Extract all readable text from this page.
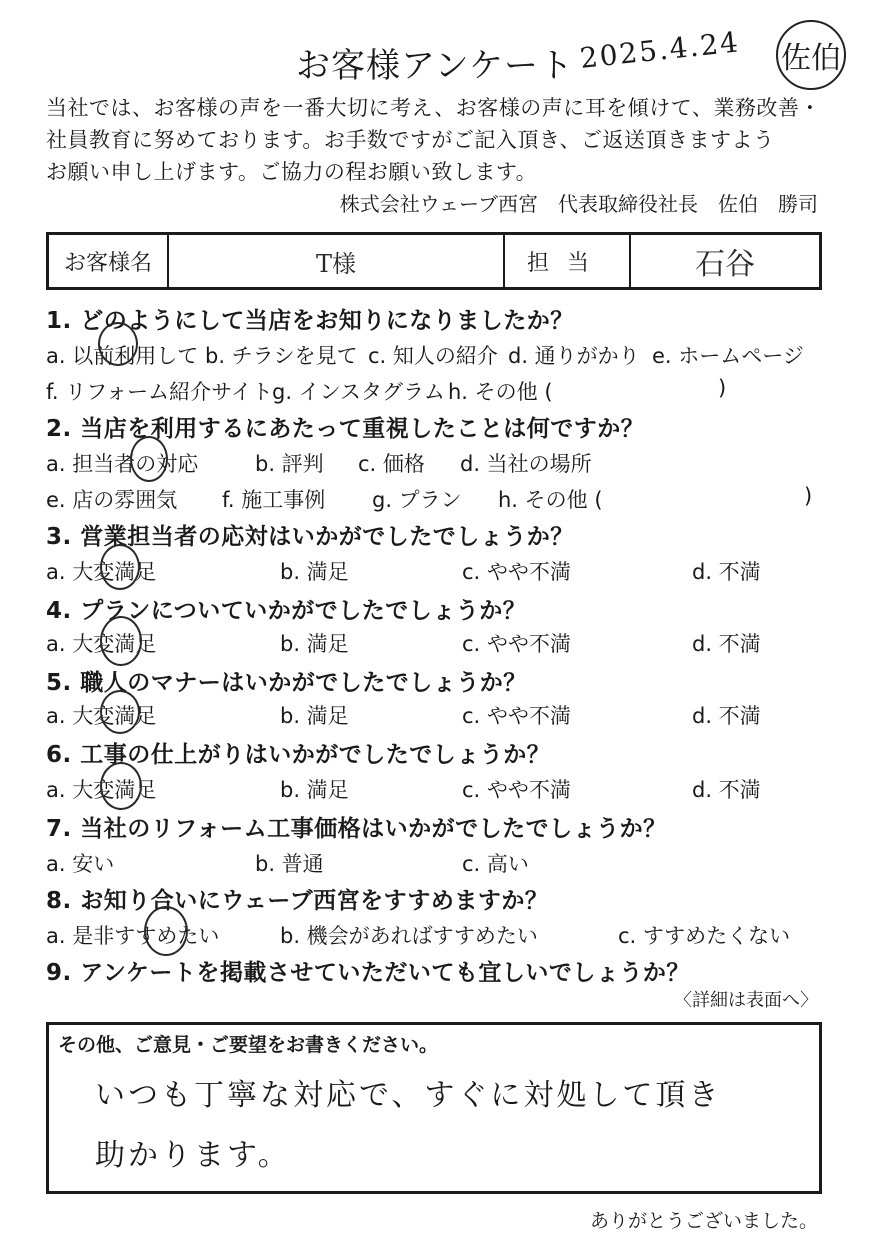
お客様アンケート 2025.4.24 佐伯
当社では、お客様の声を一番大切に考え、お客様の声に耳を傾けて、業務改善・
社員教育に努めております。お手数ですがご記入頂き、ご返送頂きますよう
お願い申し上げます。ご協力の程お願い致します。
株式会社ウェーブ西宮　代表取締役社長　佐伯　勝司
お客様名	T様	担当	石谷
1. どのようにして当店をお知りになりましたか？
a. 以前利用して b. チラシを見て c. 知人の紹介 d. 通りがかり e. ホームページ
f. リフォーム紹介サイト g. インスタグラム h. その他 (	)
2. 当店を利用するにあたって重視したことは何ですか？
a. 担当者の対応	b. 評判 c. 価格 d. 当社の場所
e. 店の雰囲気 f. 施工事例 g. プラン h. その他 (	)
3. 営業担当者の応対はいかがでしたでしょうか？
a. 大変満足	b. 満足	c. やや不満	d. 不満
4. プランについていかがでしたでしょうか？
a. 大変満足	b. 満足	c. やや不満	d. 不満
5. 職人のマナーはいかがでしたでしょうか？
a. 大変満足	b. 満足	c. やや不満	d. 不満
6. 工事の仕上がりはいかがでしたでしょうか？
a. 大変満足	b. 満足	c. やや不満	d. 不満
7. 当社のリフォーム工事価格はいかがでしたでしょうか？
a. 安い	b. 普通	c. 高い
8. お知り合いにウェーブ西宮をすすめますか？
a. 是非すすめたい	b. 機会があればすすめたい	c. すすめたくない
9. アンケートを掲載させていただいても宜しいでしょうか？
〈詳細は表面へ〉
その他、ご意見・ご要望をお書きください。
いつも丁寧な対応で、すぐに対処して頂き
助かります。
ありがとうございました。
